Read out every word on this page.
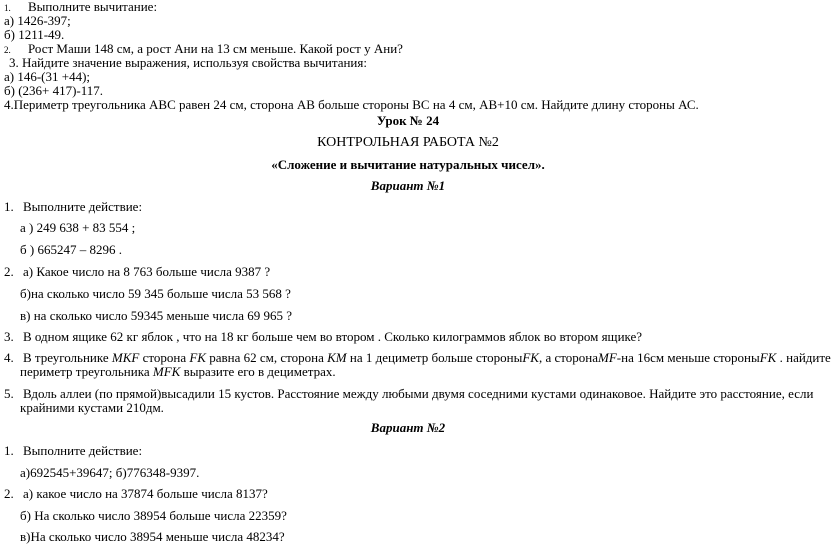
1. Выполните вычитание:
а) 1426-397;
б) 1211-49.
2. Рост Маши 148 см, а рост Ани на 13 см меньше. Какой рост у Ани?
3. Найдите значение выражения, используя свойства вычитания:
а) 146-(31 +44);
б) (236+ 417)-117.
4.Периметр треугольника АВС равен 24 см, сторона АВ больше стороны ВС на 4 см, АВ+10 см. Найдите длину стороны АС.
Урок № 24
КОНТРОЛЬНАЯ РАБОТА №2
«Сложение и вычитание натуральных чисел».
Вариант №1
1. Выполните действие:
а ) 249 638 + 83 554 ;
б ) 665247 – 8296 .
2. а) Какое число на 8 763 больше числа 9387 ?
б)на сколько число 59 345 больше числа 53 568 ?
в) на сколько число 59345 меньше числа 69 965 ?
3. В одном ящике 62 кг яблок , что на 18 кг больше чем во втором . Сколько килограммов яблок во втором ящике?
4. В треугольнике MKF сторона FK равна 62 см, сторона KM на 1 дециметр больше стороныFK, а сторонаMF-на 16см меньше стороныFK . найдите
периметр треугольника MFK выразите его в дециметрах.
5. Вдоль аллеи (по прямой)высадили 15 кустов. Расстояние между любыми двумя соседними кустами одинаковое. Найдите это расстояние, если
крайними кустами 210дм.
Вариант №2
1. Выполните действие:
а)692545+39647; б)776348-9397.
2. а) какое число на 37874 больше числа 8137?
б) На сколько число 38954 больше числа 22359?
в)На сколько число 38954 меньше числа 48234?
